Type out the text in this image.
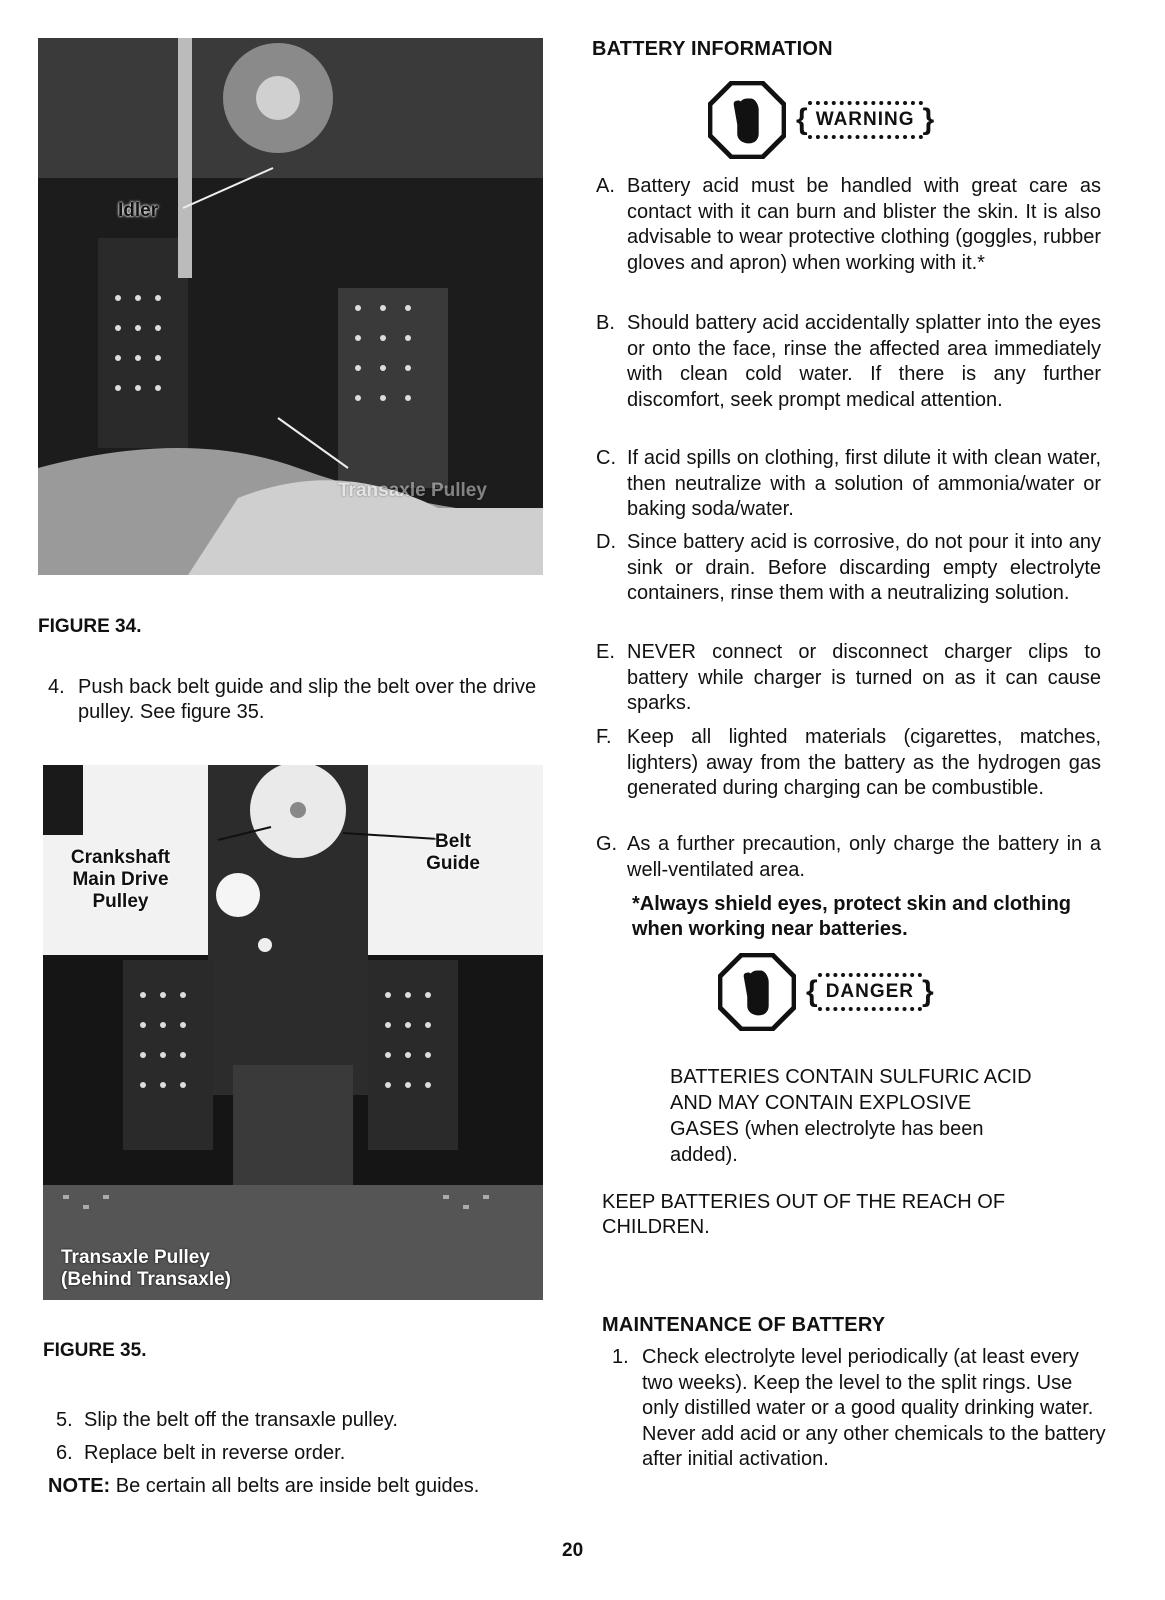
Idler
Transaxle Pulley
FIGURE 34.
4. Push back belt guide and slip the belt over the drive pulley. See figure 35.
Crankshaft Main Drive Pulley
Belt Guide
Transaxle Pulley (Behind Transaxle)
FIGURE 35.
5. Slip the belt off the transaxle pulley.
6. Replace belt in reverse order.
NOTE: Be certain all belts are inside belt guides.
BATTERY INFORMATION
{ WARNING }
A. Battery acid must be handled with great care as contact with it can burn and blister the skin. It is also advisable to wear protective clothing (goggles, rubber gloves and apron) when working with it.*
B. Should battery acid accidentally splatter into the eyes or onto the face, rinse the affected area immediately with clean cold water. If there is any further discomfort, seek prompt medical attention.
C. If acid spills on clothing, first dilute it with clean water, then neutralize with a solution of ammonia/water or baking soda/water.
D. Since battery acid is corrosive, do not pour it into any sink or drain. Before discarding empty electrolyte containers, rinse them with a neutralizing solution.
E. NEVER connect or disconnect charger clips to battery while charger is turned on as it can cause sparks.
F. Keep all lighted materials (cigarettes, matches, lighters) away from the battery as the hydrogen gas generated during charging can be combustible.
G. As a further precaution, only charge the battery in a well-ventilated area.
*Always shield eyes, protect skin and clothing when working near batteries.
{ DANGER }
BATTERIES CONTAIN SULFURIC ACID AND MAY CONTAIN EXPLOSIVE GASES (when electrolyte has been added).
KEEP BATTERIES OUT OF THE REACH OF CHILDREN.
MAINTENANCE OF BATTERY
1. Check electrolyte level periodically (at least every two weeks). Keep the level to the split rings. Use only distilled water or a good quality drinking water. Never add acid or any other chemicals to the battery after initial activation.
20
